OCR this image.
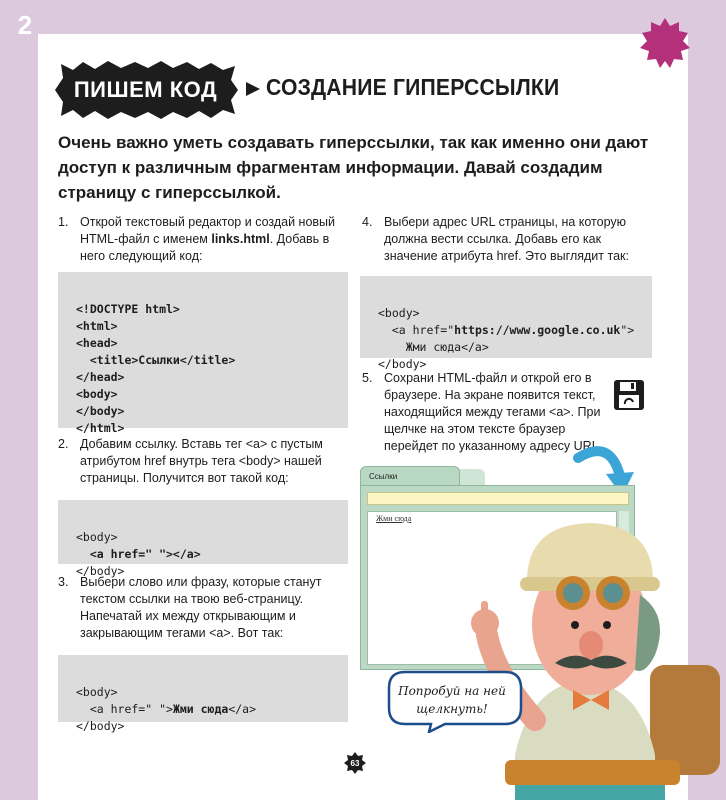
2
ПИШЕМ КОД	СОЗДАНИЕ ГИПЕРССЫЛКИ
Очень важно уметь создавать гиперссылки, так как именно они дают доступ к различным фрагментам информации. Давай создадим страницу с гиперссылкой.
1. Открой текстовый редактор и создай новый HTML-файл с именем links.html. Добавь в него следующий код:

<!DOCTYPE html>
<html>
<head>
<title>Ссылки</title>
</head>
<body>
</body>
</html>
2. Добавим ссылку. Вставь тег <a> с пустым атрибутом href внутрь тега <body> нашей страницы. Получится вот такой код:

<body>
<a href=" "></a>
</body>
3. Выбери слово или фразу, которые станут текстом ссылки на твою веб-страницу. Напечатай их между открывающим и закрывающим тегами <a>. Вот так:

<body>
<a href=" ">Жми сюда</a>
</body>
4. Выбери адрес URL страницы, на которую должна вести ссылка. Добавь его как значение атрибута href. Это выглядит так:

<body>
<a href="https://www.google.co.uk">
Жми сюда</a>
</body>
5. Сохрани HTML-файл и открой его в браузере. На экране появится текст, находящийся между тегами <a>. При щелчке на этом тексте браузер перейдет по указанному адресу URL.
Ссылки
Жми сюда
Попробуй на ней
щелкнуть!
63
